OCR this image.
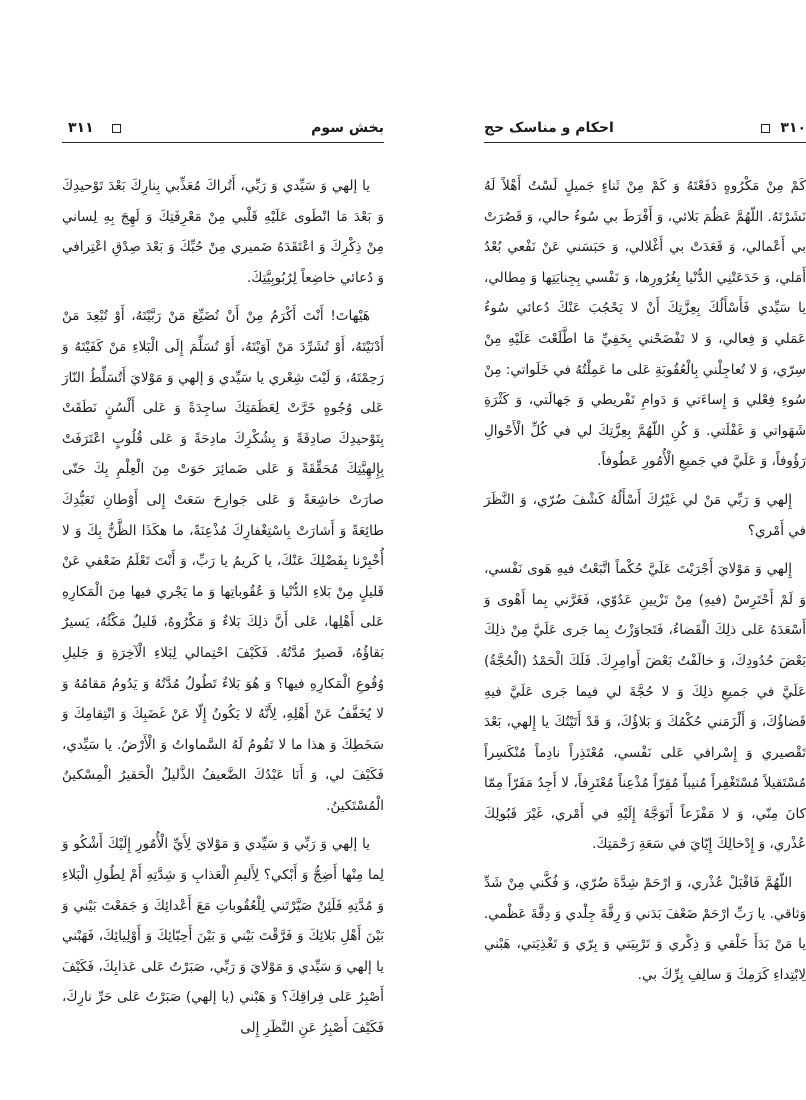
۳۱۱	بخش سوم

يا إلهي وَ سَيِّدي وَ رَبِّي، أَتُراكَ مُعَذِّبي بِنارِكَ بَعْدَ تَوْحيدِكَ وَ بَعْدَ مَا انْطَوى عَلَيْهِ قَلْبي مِنْ مَعْرِفَتِكَ وَ لَهِجَ بِهِ لِساني مِنْ ذِكْرِكَ وَ اعْتَقَدَهُ ضَميري مِنْ حُبِّكَ وَ بَعْدَ صِدْقِ اعْتِرافي وَ دُعائي خاضِعاً لِرُبُوبِيَّتِكَ.

هَيْهاتَ! أَنْتَ أَكْرَمُ مِنْ أَنْ تُضَيِّعَ مَنْ رَبَّيْتَهُ، أَوْ تُبْعِدَ مَنْ أَدْنَيْتَهُ، أَوْ تُشَرِّدَ مَنْ آوَيْتَهُ، أَوْ تُسَلِّمَ إِلَى الْبَلاءِ مَنْ كَفَيْتَهُ وَ رَحِمْتَهُ، وَ لَيْتَ شِعْري يا سَيِّدي وَ إلهي وَ مَوْلايَ أَتُسَلِّطُ النّارَ عَلى وُجُوهٍ خَرَّتْ لِعَظَمَتِكَ ساجِدَةً وَ عَلى أَلْسُنٍ نَطَقَتْ بِتَوْحيدِكَ صادِقَةً وَ بِشُكْرِكَ مادِحَةً وَ عَلى قُلُوبٍ اعْتَرَفَتْ بِإِلهِيَّتِكَ مُحَقِّقَةً وَ عَلى ضَمائِرَ حَوَتْ مِنَ الْعِلْمِ بِكَ حَتّى صارَتْ خاشِعَةً وَ عَلى جَوارِحَ سَعَتْ إِلى أَوْطانِ تَعَبُّدِكَ طائِعَةً وَ أَشارَتْ بِاسْتِغْفارِكَ مُذْعِنَةً، ما هكَذَا الظَّنُّ بِكَ وَ لا أُخْبِرْنا بِفَضْلِكَ عَنْكَ، يا كَريمُ يا رَبِّ، وَ أَنْتَ تَعْلَمُ ضَعْفي عَنْ قَليلٍ مِنْ بَلاءِ الدُّنْيا وَ عُقُوباتِها وَ ما يَجْري فيها مِنَ الْمَكارِهِ عَلى أَهْلِها، عَلى أَنَّ ذلِكَ بَلاءٌ وَ مَكْرُوهٌ، قَليلٌ مَكْثُهُ، يَسيرٌ بَقاؤُهُ، قَصيرٌ مُدَّتُهُ. فَكَيْفَ احْتِمالي لِبَلاءِ الْآخِرَةِ وَ جَليلِ وُقُوعِ الْمَكارِهِ فيها؟ وَ هُوَ بَلاءٌ تَطُولُ مُدَّتُهُ وَ يَدُومُ مَقامُهُ وَ لا يُخَفَّفُ عَنْ أَهْلِهِ، لِأَنَّهُ لا يَكُونُ إِلّا عَنْ غَضَبِكَ وَ انْتِقامِكَ وَ سَخَطِكَ وَ هذا ما لا تَقُومُ لَهُ السَّماواتُ وَ الْأَرْضُ. يا سَيِّدي، فَكَيْفَ لي، وَ أَنَا عَبْدُكَ الضَّعيفُ الذَّليلُ الْحَقيرُ الْمِسْكينُ الْمُسْتَكينُ.

يا إلهي وَ رَبِّي وَ سَيِّدي وَ مَوْلايَ لِأَيِّ الْأُمُورِ إِلَيْكَ أَشْكُو وَ لِما مِنْها أَضِجُّ وَ أَبْكي؟ لِأَليمِ الْعَذابِ وَ شِدَّتِهِ أَمْ لِطُولِ الْبَلاءِ وَ مُدَّتِهِ فَلَئِنْ صَيَّرْتَني لِلْعُقُوباتِ مَعَ أَعْدائِكَ وَ جَمَعْتَ بَيْني وَ بَيْنَ أَهْلِ بَلائِكَ وَ فَرَّقْتَ بَيْني وَ بَيْنَ أَحِبّائِكَ وَ أَوْلِيائِكَ، فَهَبْني يا إلهي وَ سَيِّدي وَ مَوْلايَ وَ رَبِّي، صَبَرْتُ عَلى عَذابِكَ، فَكَيْفَ أَصْبِرُ عَلى فِراقِكَ؟ وَ هَبْني (يا إلهي) صَبَرْتُ عَلى حَرِّ نارِكَ، فَكَيْفَ أَصْبِرُ عَنِ النَّظَرِ إِلى

احکام و مناسک حج	۳۱۰

كَمْ مِنْ مَكْرُوهٍ دَفَعْتَهُ وَ كَمْ مِنْ ثَناءٍ جَميلٍ لَسْتُ أَهْلاً لَهُ نَشَرْتَهُ. اللّهُمَّ عَظُمَ بَلائي، وَ أَفْرَطَ بي سُوءُ حالي، وَ قَصُرَتْ بي أَعْمالي، وَ قَعَدَتْ بي أَغْلالي، وَ حَبَسَني عَنْ نَفْعي بُعْدُ أَمَلي، وَ خَدَعَتْنِي الدُّنْيا بِغُرُورِها، وَ نَفْسي بِجِنايَتِها وَ مِطالي، يا سَيِّدي فَأَسْأَلُكَ بِعِزَّتِكَ أَنْ لا يَحْجُبَ عَنْكَ دُعائي سُوءُ عَمَلي وَ فِعالي، وَ لا تَفْضَحْني بِخَفِيِّ مَا اطَّلَعْتَ عَلَيْهِ مِنْ سِرّي، وَ لا تُعاجِلْني بِالْعُقُوبَةِ عَلى ما عَمِلْتُهُ في خَلَواتي: مِنْ سُوءِ فِعْلي وَ إِساءَتي وَ دَوامِ تَفْريطي وَ جَهالَتي، وَ كَثْرَةِ شَهَواتي وَ غَفْلَتي. وَ كُنِ اللّهُمَّ بِعِزَّتِكَ لي في كُلِّ الْأَحْوالِ رَؤُوفاً، وَ عَلَيَّ في جَميعِ الْأُمُورِ عَطُوفاً.

إِلهي وَ رَبِّي مَنْ لي غَيْرُكَ أَسْأَلُهُ كَشْفَ ضُرّي، وَ النَّظَرَ في أَمْري؟

إِلهي وَ مَوْلايَ أَجْرَيْتَ عَلَيَّ حُكْماً اتَّبَعْتُ فيهِ هَوى نَفْسي، وَ لَمْ أَحْتَرِسْ (فيهِ) مِنْ تَزْيينِ عَدُوّي، فَغَرَّني بِما أَهْوى وَ أَسْعَدَهُ عَلى ذلِكَ الْقَضاءُ، فَتَجاوَزْتُ بِما جَرى عَلَيَّ مِنْ ذلِكَ بَعْضَ حُدُودِكَ، وَ خالَفْتُ بَعْضَ أَوامِرِكَ. فَلَكَ الْحَمْدُ (الْحُجَّةُ) عَلَيَّ في جَميعِ ذلِكَ وَ لا حُجَّةَ لي فيما جَرى عَلَيَّ فيهِ قَضاؤُكَ، وَ أَلْزَمَني حُكْمُكَ وَ بَلاؤُكَ، وَ قَدْ أَتَيْتُكَ يا إِلهي، بَعْدَ تَقْصيري وَ إِسْرافي عَلى نَفْسي، مُعْتَذِراً نادِماً مُنْكَسِراً مُسْتَقيلاً مُسْتَغْفِراً مُنيباً مُقِرّاً مُذْعِناً مُعْتَرِفاً، لا أَجِدُ مَفَرّاً مِمّا كانَ مِنّي، وَ لا مَفْزَعاً أَتَوَجَّهُ إِلَيْهِ في أَمْري، غَيْرَ قَبُولِكَ عُذْري، وَ إِدْخالِكَ إِيّايَ في سَعَةِ رَحْمَتِكَ.

اللّهُمَّ فَاقْبَلْ عُذْري، وَ ارْحَمْ شِدَّةَ ضُرّي، وَ فُكَّني مِنْ شَدِّ وَثاقي. يا رَبِّ ارْحَمْ ضَعْفَ بَدَني وَ رِقَّةَ جِلْدي وَ دِقَّةَ عَظْمي. يا مَنْ بَدَأَ خَلْقي وَ ذِكْري وَ تَرْبِيَتي وَ بِرّي وَ تَغْذِيَتي، هَبْني لِابْتِداءِ كَرَمِكَ وَ سالِفِ بِرِّكَ بي.
